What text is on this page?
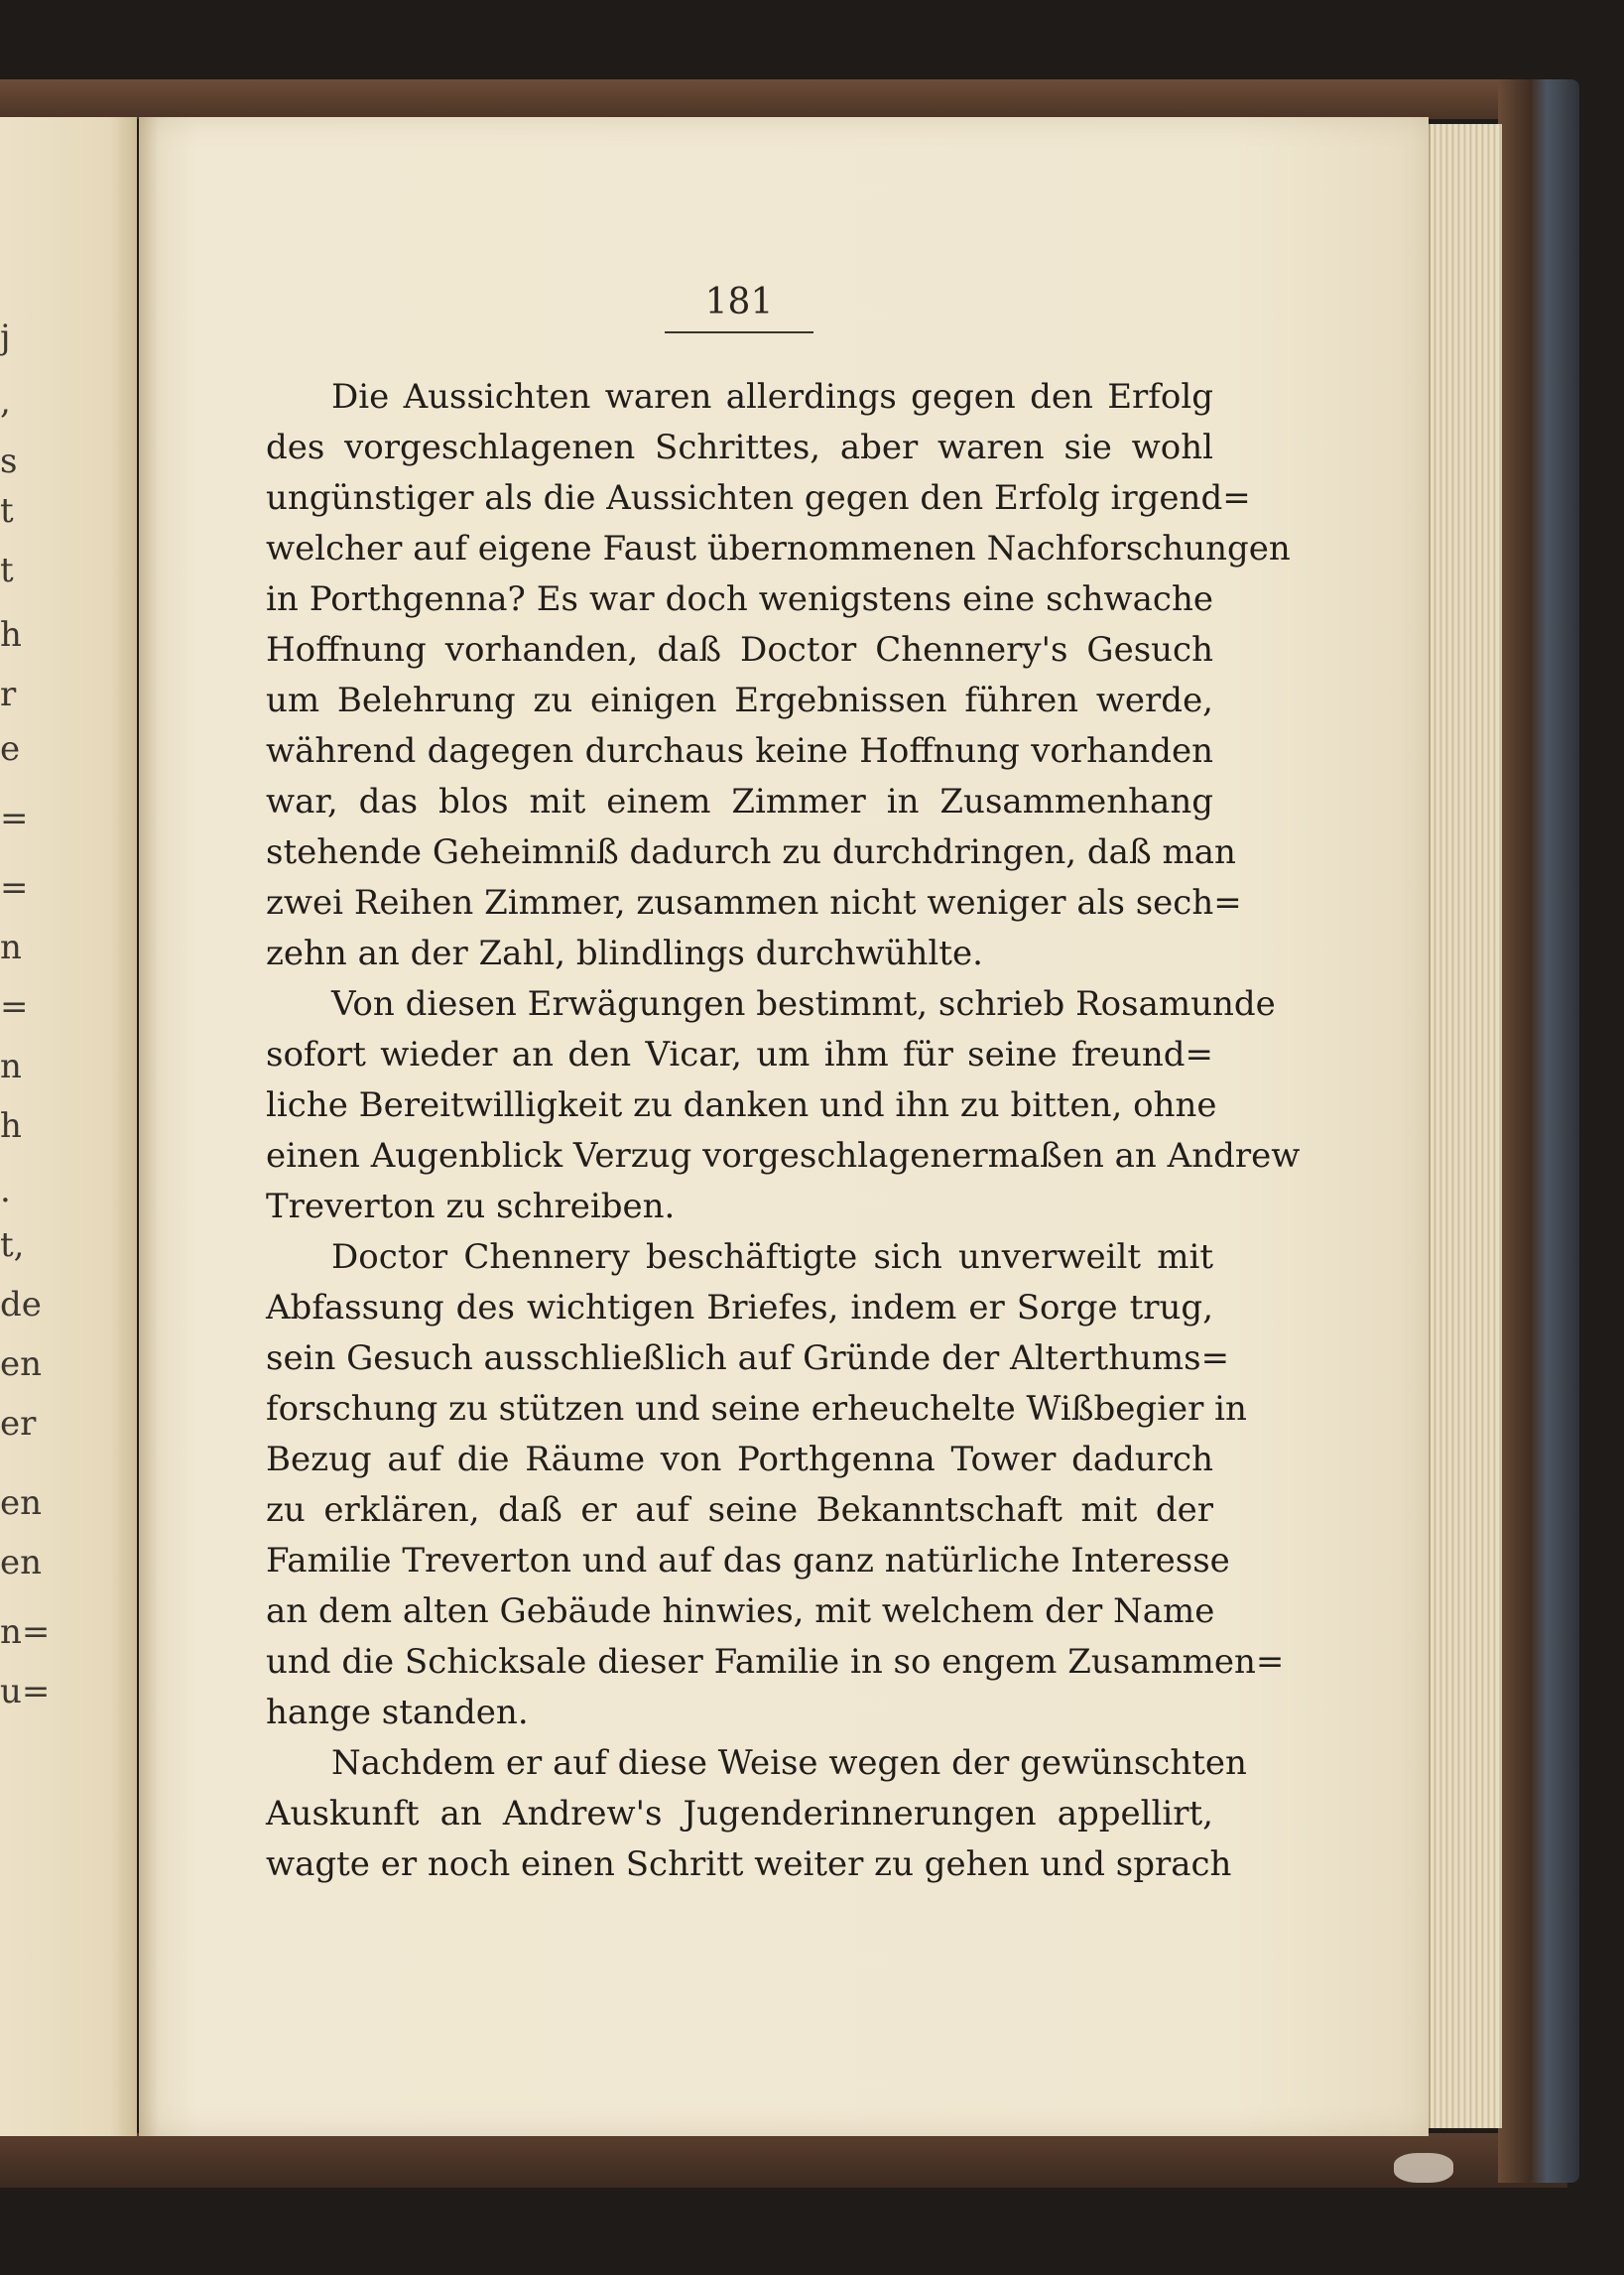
j
,
s
t
t
h
r
e
=
=
n
=
n
h
.
t,
de
en
er
en
en
n=
u=
181
Die Aussichten waren allerdings gegen den Erfolg
des vorgeschlagenen Schrittes, aber waren sie wohl
ungünstiger als die Aussichten gegen den Erfolg irgend=
welcher auf eigene Faust übernommenen Nachforschungen
in Porthgenna? Es war doch wenigstens eine schwache
Hoffnung vorhanden, daß Doctor Chennery's Gesuch
um Belehrung zu einigen Ergebnissen führen werde,
während dagegen durchaus keine Hoffnung vorhanden
war, das blos mit einem Zimmer in Zusammenhang
stehende Geheimniß dadurch zu durchdringen, daß man
zwei Reihen Zimmer, zusammen nicht weniger als sech=
zehn an der Zahl, blindlings durchwühlte.
Von diesen Erwägungen bestimmt, schrieb Rosamunde
sofort wieder an den Vicar, um ihm für seine freund=
liche Bereitwilligkeit zu danken und ihn zu bitten, ohne
einen Augenblick Verzug vorgeschlagenermaßen an Andrew
Treverton zu schreiben.
Doctor Chennery beschäftigte sich unverweilt mit
Abfassung des wichtigen Briefes, indem er Sorge trug,
sein Gesuch ausschließlich auf Gründe der Alterthums=
forschung zu stützen und seine erheuchelte Wißbegier in
Bezug auf die Räume von Porthgenna Tower dadurch
zu erklären, daß er auf seine Bekanntschaft mit der
Familie Treverton und auf das ganz natürliche Interesse
an dem alten Gebäude hinwies, mit welchem der Name
und die Schicksale dieser Familie in so engem Zusammen=
hange standen.
Nachdem er auf diese Weise wegen der gewünschten
Auskunft an Andrew's Jugenderinnerungen appellirt,
wagte er noch einen Schritt weiter zu gehen und sprach
